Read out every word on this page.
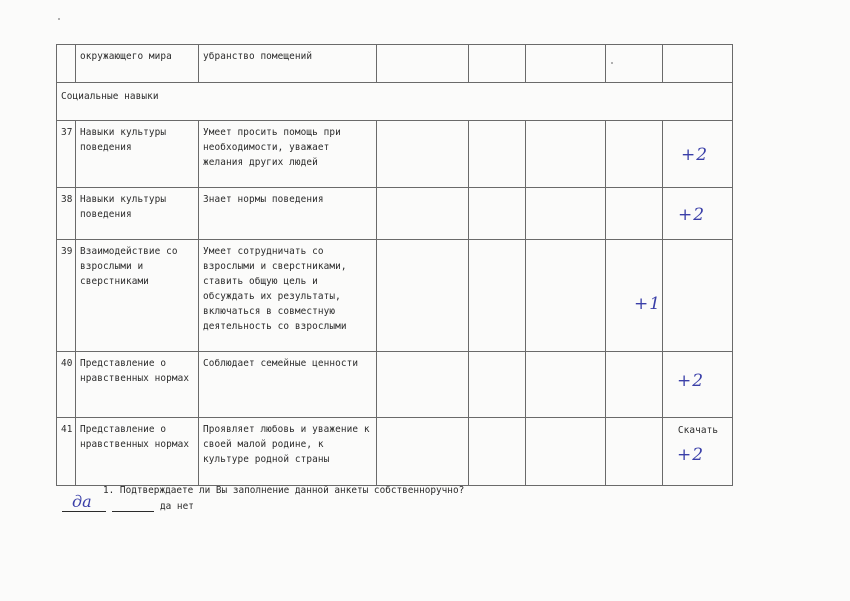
	окружающего мира	убранство помещений					
Социальные навыки							
37	Навыки культуры поведения	Умеет просить помощь при необходимости, уважает желания других людей					+2

38	Навыки культуры поведения	Знает нормы поведения					+2

39	Взаимодействие со взрослыми и сверстниками	Умеет сотрудничать со взрослыми и сверстниками, ставить общую цель и обсуждать их результаты, включаться в совместную деятельность со взрослыми				+1	

40	Представление о нравственных нормах	Соблюдает семейные ценности					+2

41	Представление о нравственных нормах	Проявляет любовь и уважение к своей малой родине, к культуре родной страны					Скачать
+2
1. Подтверждаете ли Вы заполнение данной анкеты собственноручно?
да	да нет
